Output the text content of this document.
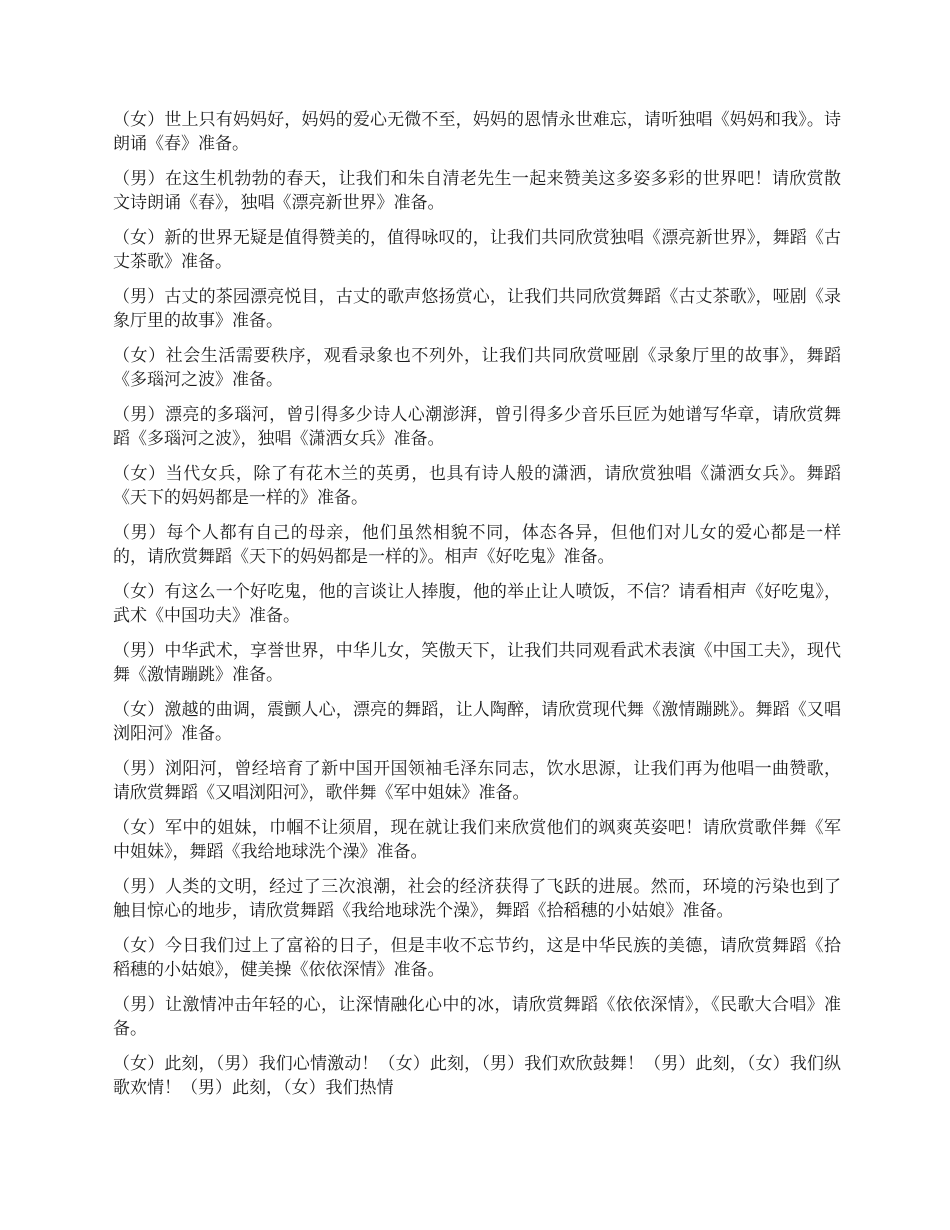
（女）世上只有妈妈好，妈妈的爱心无微不至，妈妈的恩情永世难忘，请听独唱《妈妈和我》。诗朗诵《春》准备。

（男）在这生机勃勃的春天，让我们和朱自清老先生一起来赞美这多姿多彩的世界吧！请欣赏散文诗朗诵《春》，独唱《漂亮新世界》准备。

（女）新的世界无疑是值得赞美的，值得咏叹的，让我们共同欣赏独唱《漂亮新世界》，舞蹈《古丈茶歌》准备。

（男）古丈的茶园漂亮悦目，古丈的歌声悠扬赏心，让我们共同欣赏舞蹈《古丈茶歌》，哑剧《录象厅里的故事》准备。

（女）社会生活需要秩序，观看录象也不列外，让我们共同欣赏哑剧《录象厅里的故事》，舞蹈《多瑙河之波》准备。

（男）漂亮的多瑙河，曾引得多少诗人心潮澎湃，曾引得多少音乐巨匠为她谱写华章，请欣赏舞蹈《多瑙河之波》，独唱《潇洒女兵》准备。

（女）当代女兵，除了有花木兰的英勇，也具有诗人般的潇洒，请欣赏独唱《潇洒女兵》。舞蹈《天下的妈妈都是一样的》准备。

（男）每个人都有自己的母亲，他们虽然相貌不同，体态各异，但他们对儿女的爱心都是一样的，请欣赏舞蹈《天下的妈妈都是一样的》。相声《好吃鬼》准备。

（女）有这么一个好吃鬼，他的言谈让人捧腹，他的举止让人喷饭，不信？请看相声《好吃鬼》，武术《中国功夫》准备。

（男）中华武术，享誉世界，中华儿女，笑傲天下，让我们共同观看武术表演《中国工夫》，现代舞《激情蹦跳》准备。

（女）激越的曲调，震颤人心，漂亮的舞蹈，让人陶醉，请欣赏现代舞《激情蹦跳》。舞蹈《又唱浏阳河》准备。

（男）浏阳河，曾经培育了新中国开国领袖毛泽东同志，饮水思源，让我们再为他唱一曲赞歌，请欣赏舞蹈《又唱浏阳河》，歌伴舞《军中姐妹》准备。

（女）军中的姐妹，巾帼不让须眉，现在就让我们来欣赏他们的飒爽英姿吧！请欣赏歌伴舞《军中姐妹》，舞蹈《我给地球洗个澡》准备。

（男）人类的文明，经过了三次浪潮，社会的经济获得了飞跃的进展。然而，环境的污染也到了触目惊心的地步，请欣赏舞蹈《我给地球洗个澡》，舞蹈《拾稻穗的小姑娘》准备。

（女）今日我们过上了富裕的日子，但是丰收不忘节约，这是中华民族的美德，请欣赏舞蹈《拾稻穗的小姑娘》，健美操《依依深情》准备。

（男）让激情冲击年轻的心，让深情融化心中的冰，请欣赏舞蹈《依依深情》，《民歌大合唱》准备。

（女）此刻，（男）我们心情激动！（女）此刻，（男）我们欢欣鼓舞！（男）此刻，（女）我们纵歌欢情！（男）此刻，（女）我们热情
